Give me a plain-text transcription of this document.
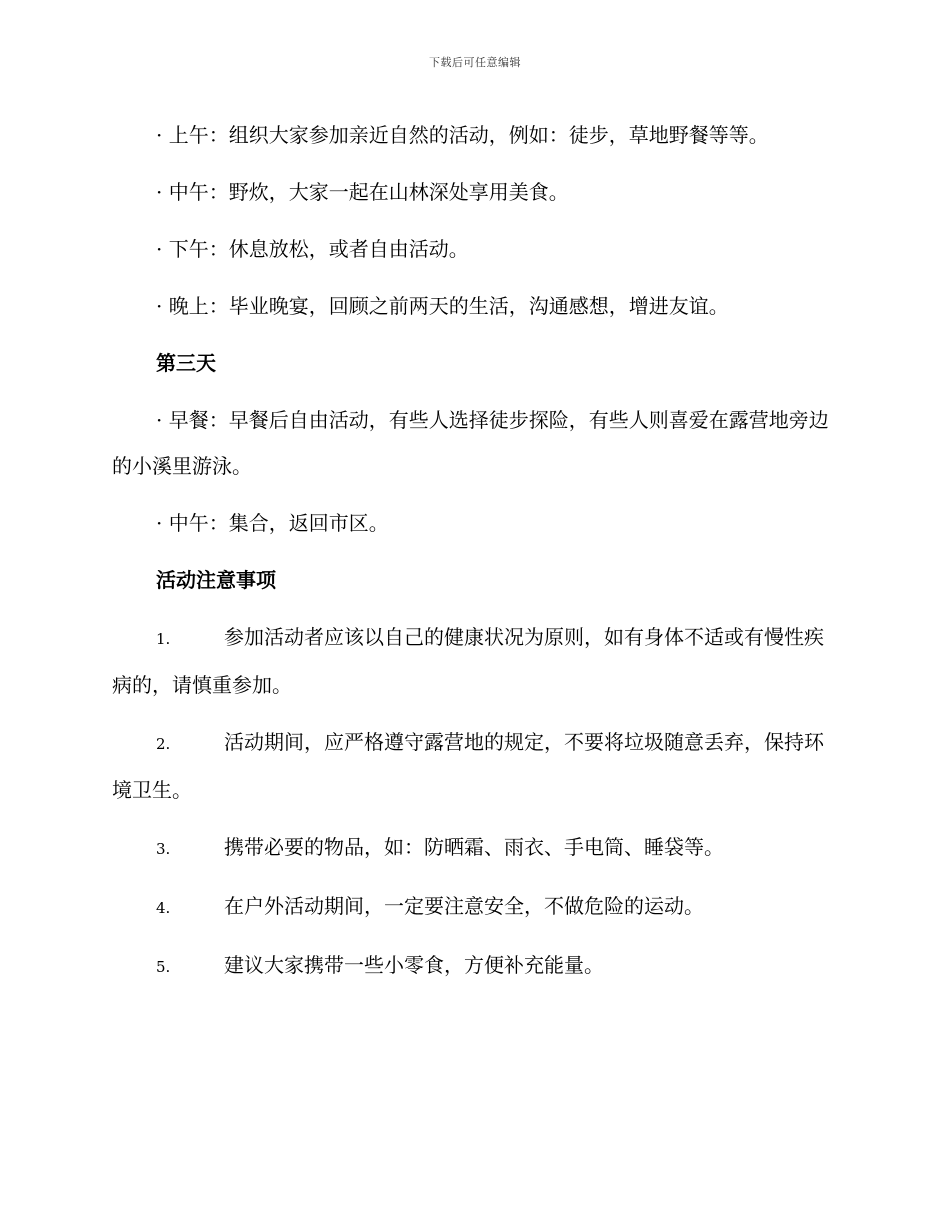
下载后可任意编辑

· 上午：组织大家参加亲近自然的活动，例如：徒步，草地野餐等等。

· 中午：野炊，大家一起在山林深处享用美食。

· 下午：休息放松，或者自由活动。

· 晚上：毕业晚宴，回顾之前两天的生活，沟通感想，增进友谊。

第三天

· 早餐：早餐后自由活动，有些人选择徒步探险，有些人则喜爱在露营地旁边的小溪里游泳。

· 中午：集合，返回市区。

活动注意事项

1.	参加活动者应该以自己的健康状况为原则，如有身体不适或有慢性疾病的，请慎重参加。

2.	活动期间，应严格遵守露营地的规定，不要将垃圾随意丢弃，保持环境卫生。

3.	携带必要的物品，如：防晒霜、雨衣、手电筒、睡袋等。

4.	在户外活动期间，一定要注意安全，不做危险的运动。

5.	建议大家携带一些小零食，方便补充能量。
